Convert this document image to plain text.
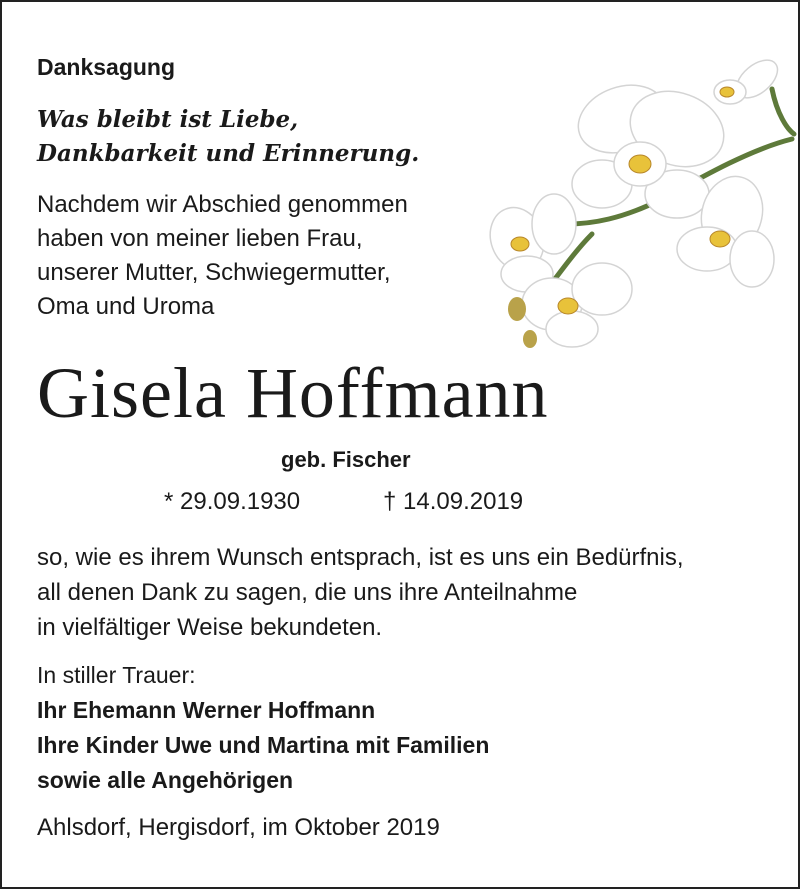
Danksagung

Was bleibt ist Liebe,
Dankbarkeit und Erinnerung.
Nachdem wir Abschied genommen
haben von meiner lieben Frau,
unserer Mutter, Schwiegermutter,
Oma und Uroma

Gisela Hoffmann

geb. Fischer

* 29.09.1930	† 14.09.2019

so, wie es ihrem Wunsch entsprach, ist es uns ein Bedürfnis,
all denen Dank zu sagen, die uns ihre Anteilnahme
in vielfältiger Weise bekundeten.
In stiller Trauer:
Ihr Ehemann Werner Hoffmann
Ihre Kinder Uwe und Martina mit Familien
sowie alle Angehörigen

Ahlsdorf, Hergisdorf, im Oktober 2019
